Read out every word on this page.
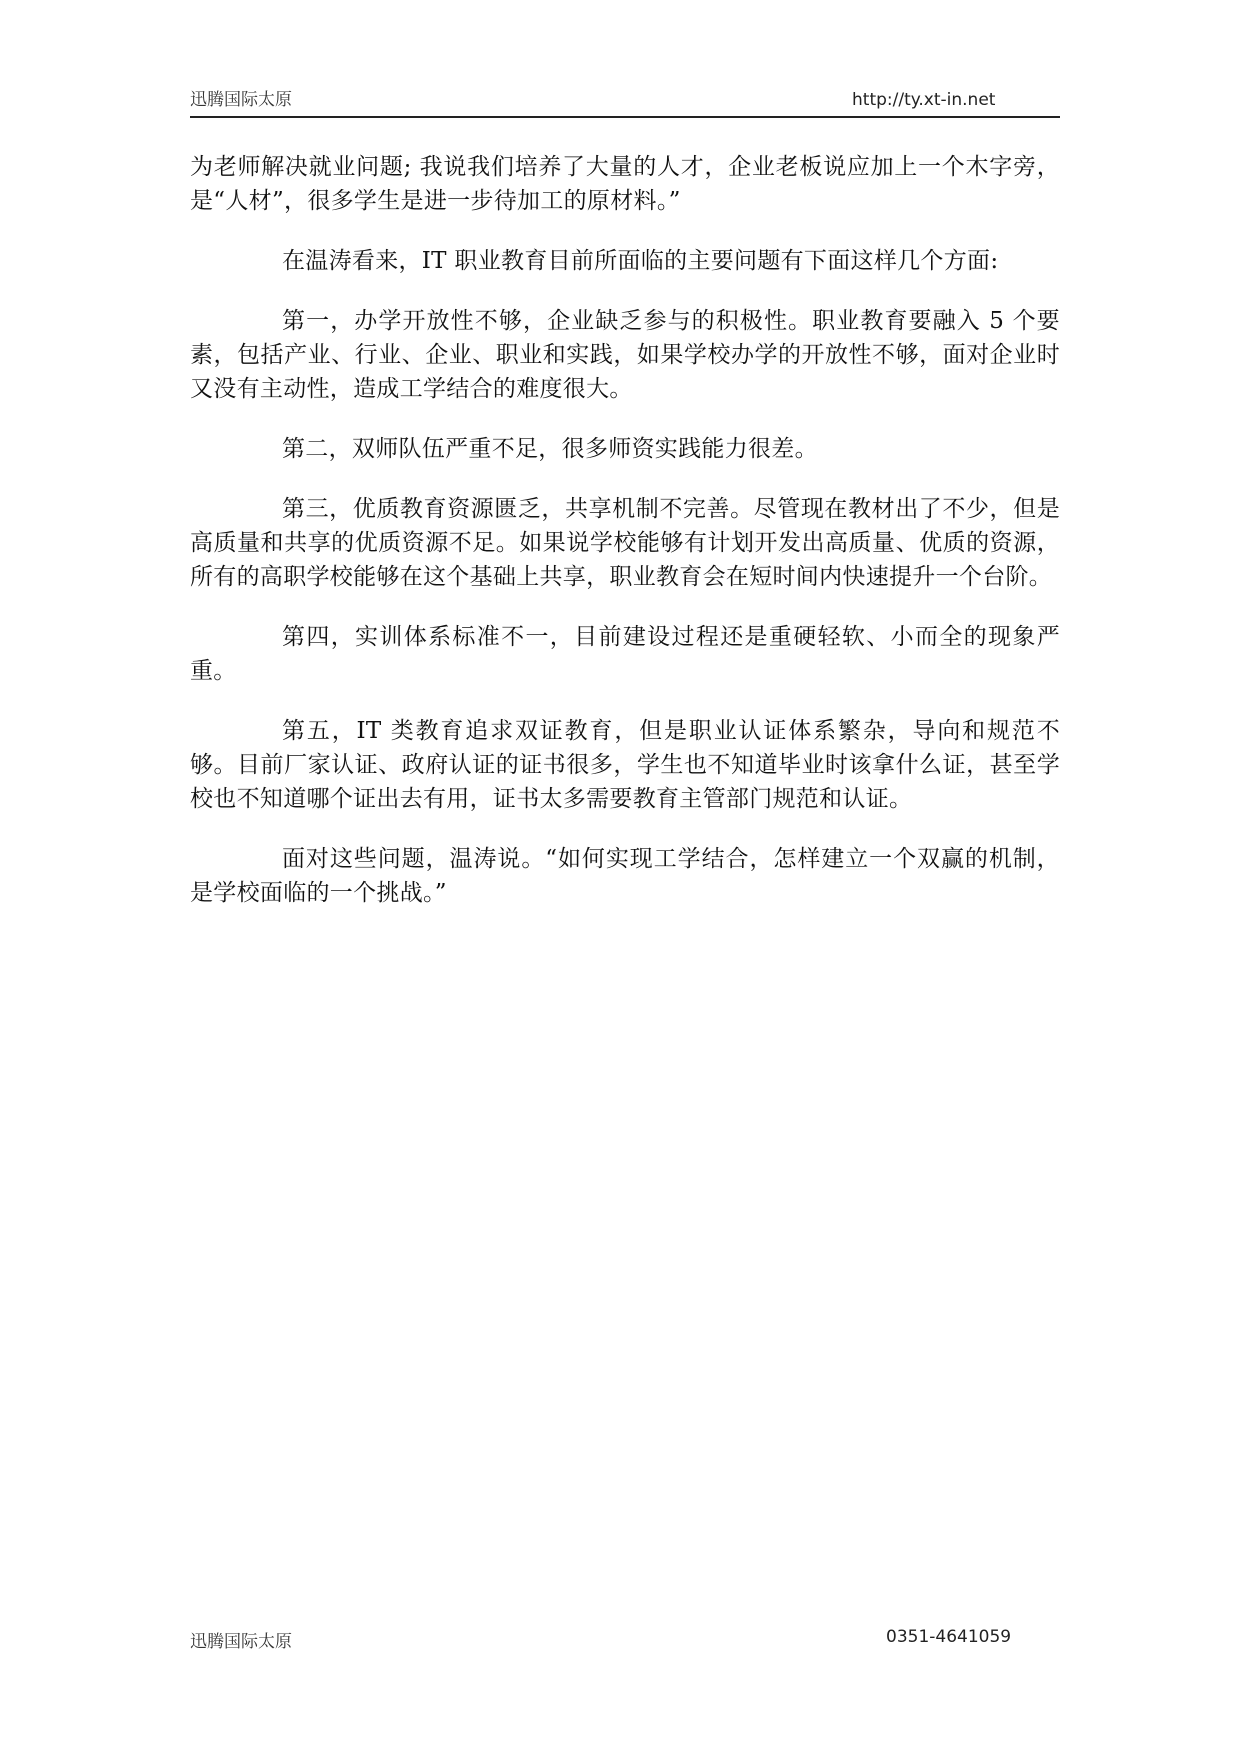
迅腾国际太原	http://ty.xt-in.net

为老师解决就业问题; 我说我们培养了大量的人才，企业老板说应加上一个木字旁，是“人材”，很多学生是进一步待加工的原材料。”

在温涛看来，IT 职业教育目前所面临的主要问题有下面这样几个方面:

第一，办学开放性不够，企业缺乏参与的积极性。职业教育要融入 5 个要素，包括产业、行业、企业、职业和实践，如果学校办学的开放性不够，面对企业时又没有主动性，造成工学结合的难度很大。

第二，双师队伍严重不足，很多师资实践能力很差。

第三，优质教育资源匮乏，共享机制不完善。尽管现在教材出了不少，但是高质量和共享的优质资源不足。如果说学校能够有计划开发出高质量、优质的资源，所有的高职学校能够在这个基础上共享，职业教育会在短时间内快速提升一个台阶。

第四，实训体系标准不一，目前建设过程还是重硬轻软、小而全的现象严重。

第五，IT 类教育追求双证教育，但是职业认证体系繁杂，导向和规范不够。目前厂家认证、政府认证的证书很多，学生也不知道毕业时该拿什么证，甚至学校也不知道哪个证出去有用，证书太多需要教育主管部门规范和认证。

面对这些问题，温涛说。“如何实现工学结合，怎样建立一个双赢的机制，是学校面临的一个挑战。”

迅腾国际太原	0351-4641059
